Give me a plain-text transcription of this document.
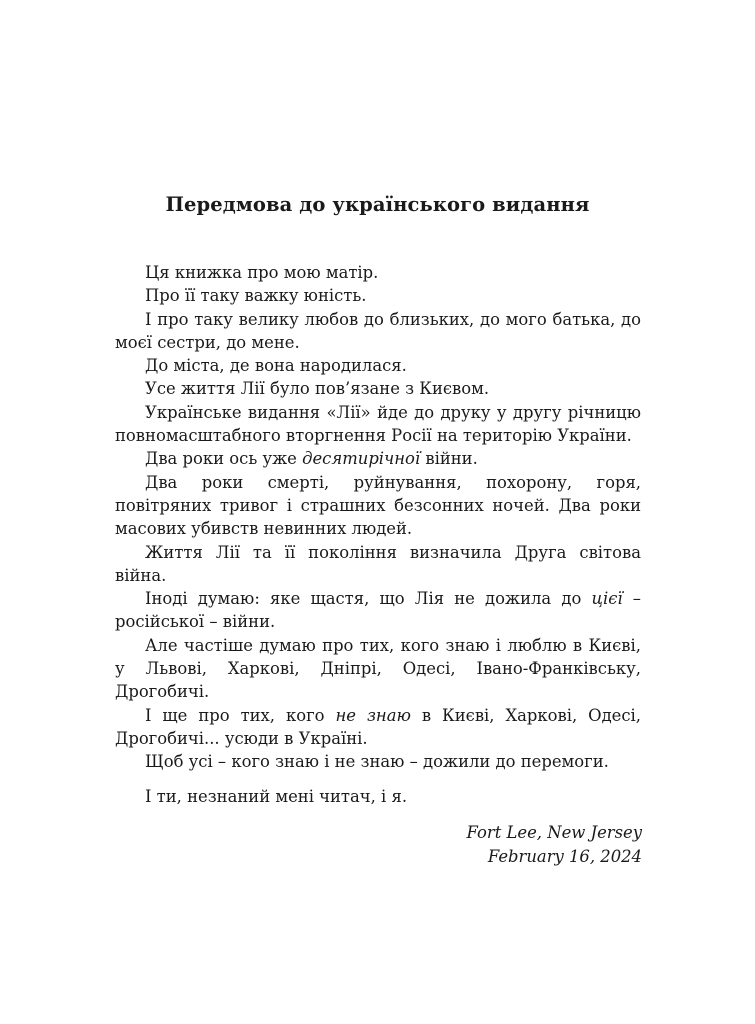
Передмова до українського видання

Ця книжка про мою матір.

Про її таку важку юність.

І про таку велику любов до близьких, до мого батька, до моєї сестри, до мене.

До міста, де вона народилася.

Усе життя Лії було пов’язане з Києвом.

Українське видання «Лії» йде до друку у другу річницю повномасштабного вторгнення Росії на територію України.

Два роки ось уже десятирічної війни.

Два роки смерті, руйнування, похорону, горя, повітряних тривог і страшних безсонних ночей. Два роки масових убивств невинних людей.

Життя Лії та її покоління визначила Друга світова війна.

Іноді думаю: яке щастя, що Лія не дожила до цієї – російської – війни.

Але частіше думаю про тих, кого знаю і люблю в Києві, у Львові, Харкові, Дніпрі, Одесі, Івано-Франківську, Дрогобичі.

І ще про тих, кого не знаю в Києві, Харкові, Одесі, Дрогобичі... усюди в Україні.

Щоб усі – кого знаю і не знаю – дожили до перемоги.

І ти, незнаний мені читач, і я.

Fort Lee, New Jersey
February 16, 2024
